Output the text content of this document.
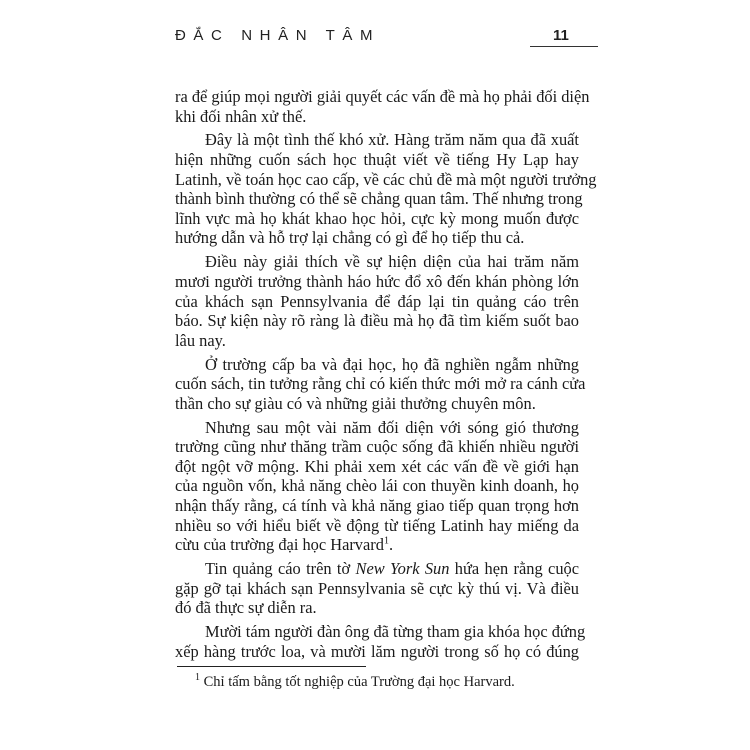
ĐẮC NHÂN TÂM	11
ra để giúp mọi người giải quyết các vấn đề mà họ phải đối diện
khi đối nhân xử thế.
Đây là một tình thế khó xử. Hàng trăm năm qua đã xuất
hiện những cuốn sách học thuật viết về tiếng Hy Lạp hay
Latinh, về toán học cao cấp, về các chủ đề mà một người trưởng
thành bình thường có thể sẽ chẳng quan tâm. Thế nhưng trong
lĩnh vực mà họ khát khao học hỏi, cực kỳ mong muốn được
hướng dẫn và hỗ trợ lại chẳng có gì để họ tiếp thu cả.
Điều này giải thích về sự hiện diện của hai trăm năm
mươi người trưởng thành háo hức đổ xô đến khán phòng lớn
của khách sạn Pennsylvania để đáp lại tin quảng cáo trên
báo. Sự kiện này rõ ràng là điều mà họ đã tìm kiếm suốt bao
lâu nay.
Ở trường cấp ba và đại học, họ đã nghiền ngẫm những
cuốn sách, tin tưởng rằng chỉ có kiến thức mới mở ra cánh cửa
thần cho sự giàu có và những giải thưởng chuyên môn.
Nhưng sau một vài năm đối diện với sóng gió thương
trường cũng như thăng trầm cuộc sống đã khiến nhiều người
đột ngột vỡ mộng. Khi phải xem xét các vấn đề về giới hạn
của nguồn vốn, khả năng chèo lái con thuyền kinh doanh, họ
nhận thấy rằng, cá tính và khả năng giao tiếp quan trọng hơn
nhiều so với hiểu biết về động từ tiếng Latinh hay miếng da
cừu của trường đại học Harvard$^1$.
Tin quảng cáo trên tờ New York Sun hứa hẹn rằng cuộc
gặp gỡ tại khách sạn Pennsylvania sẽ cực kỳ thú vị. Và điều
đó đã thực sự diễn ra.
Mười tám người đàn ông đã từng tham gia khóa học đứng
xếp hàng trước loa, và mười lăm người trong số họ có đúng
$^1$ Chỉ tấm bằng tốt nghiệp của Trường đại học Harvard.
